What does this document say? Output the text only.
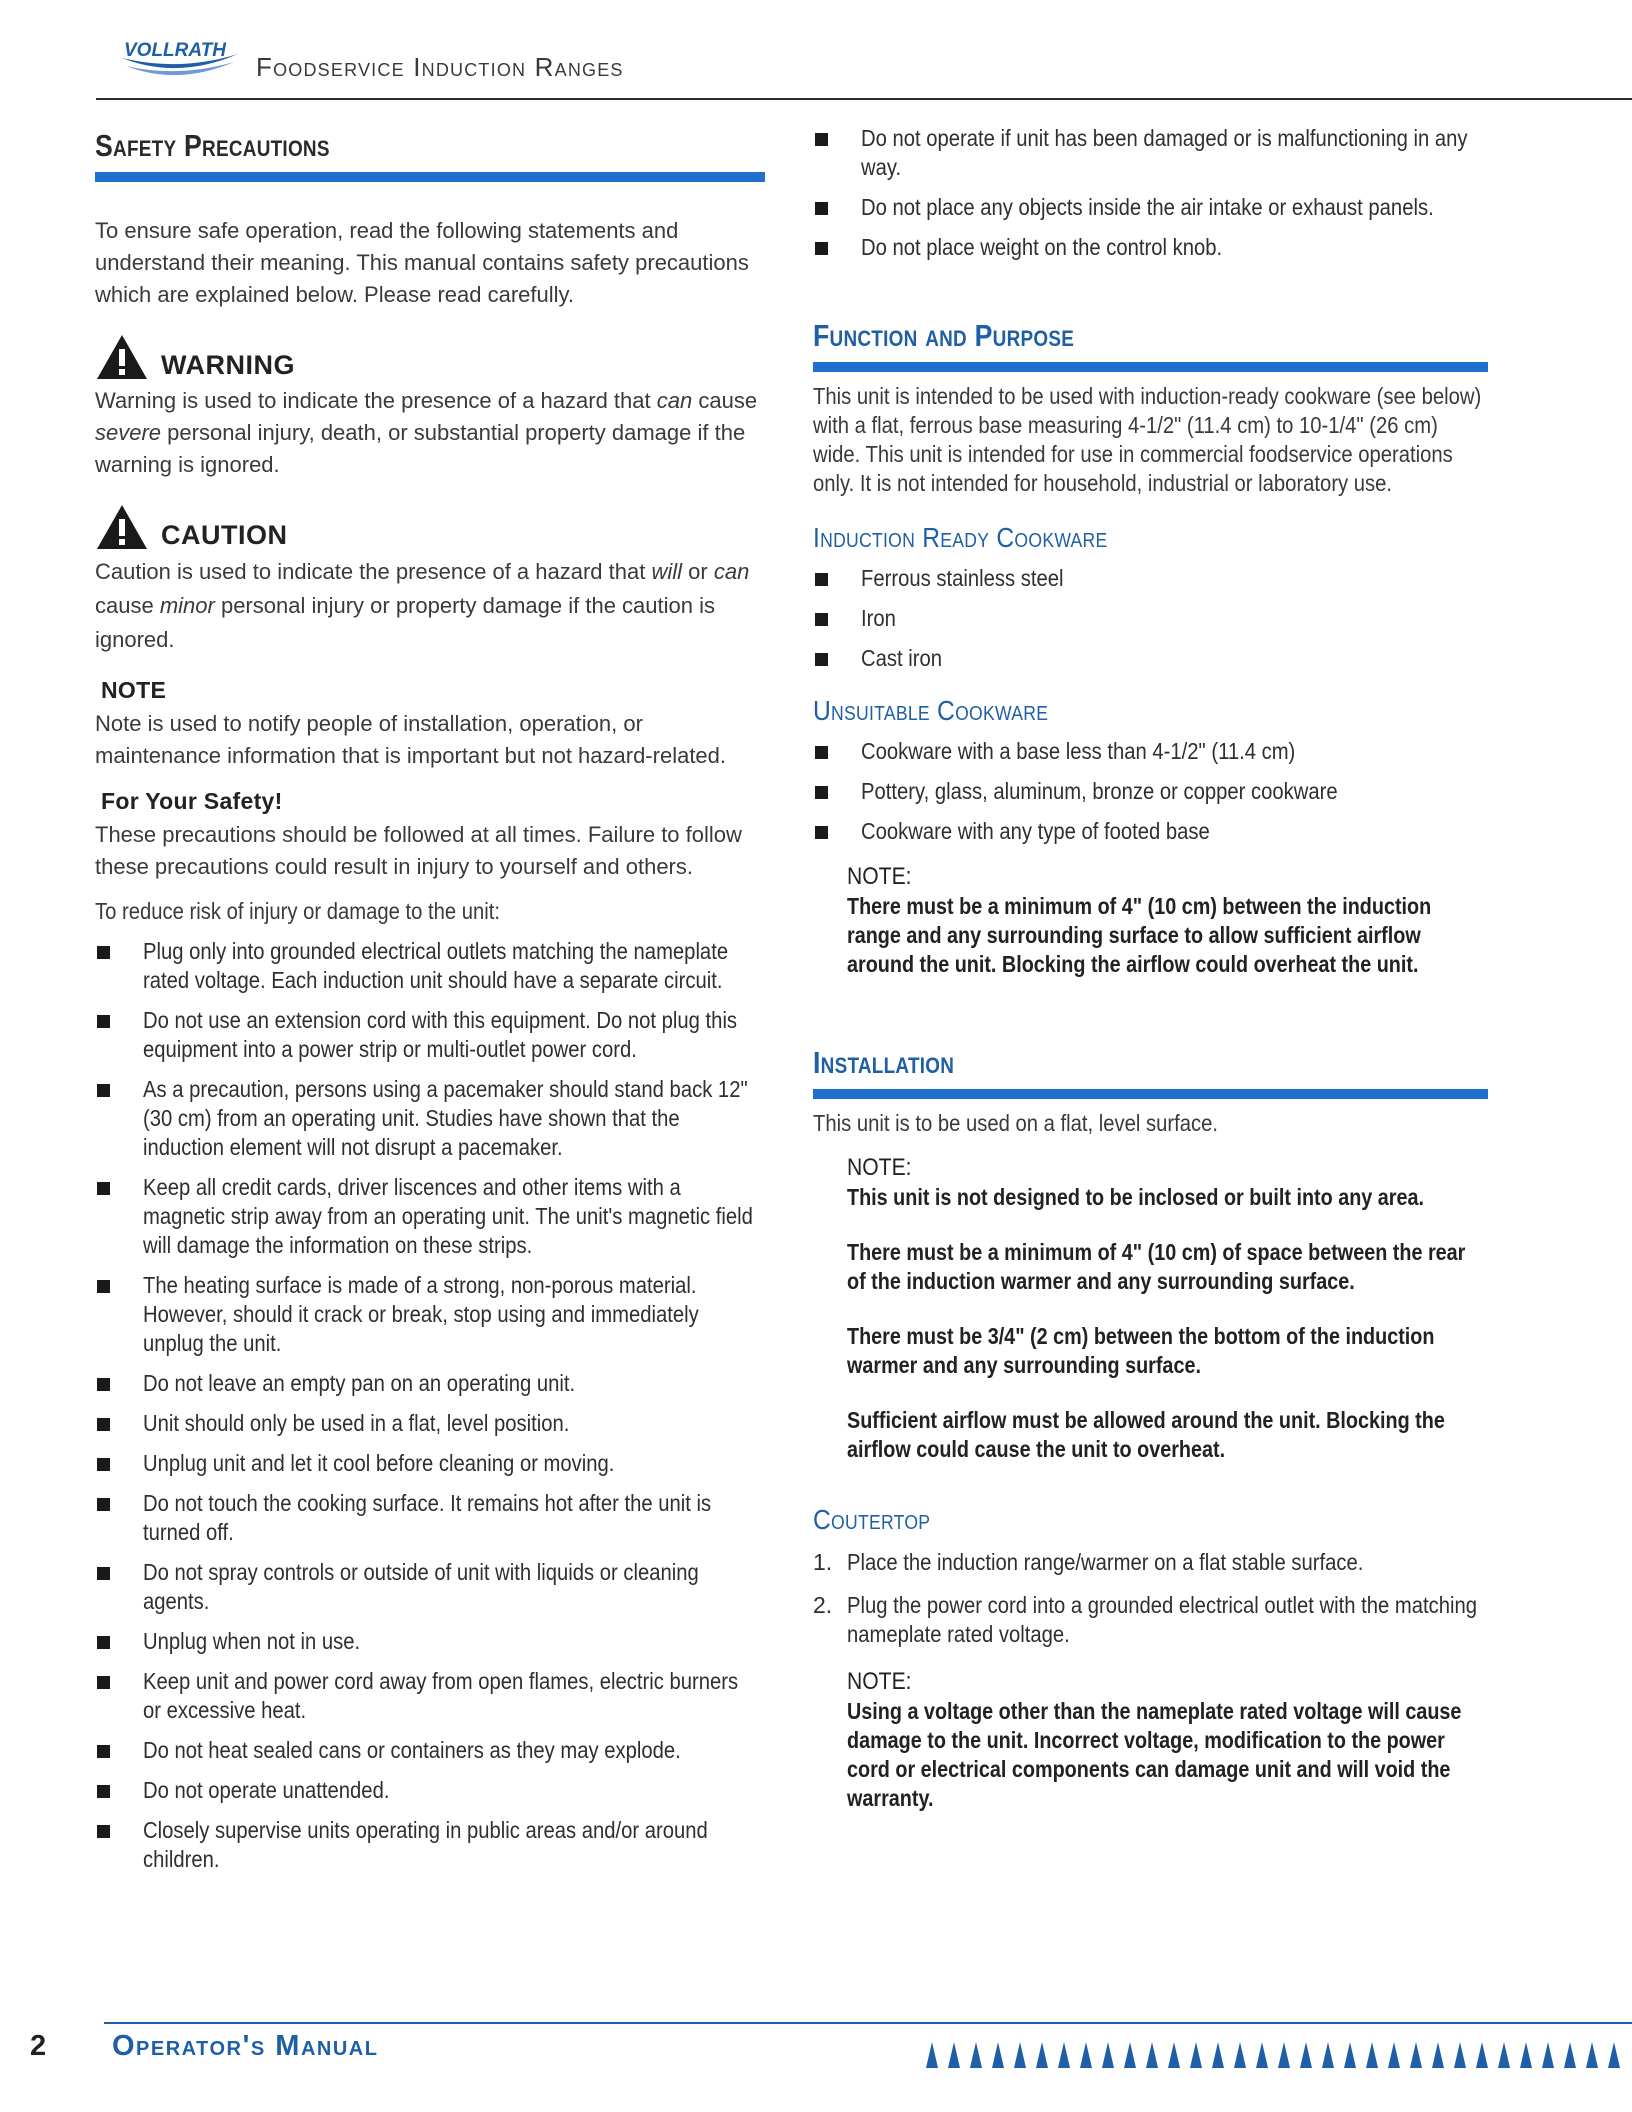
VOLLRATH
Foodservice Induction Ranges
Safety Precautions

To ensure safe operation, read the following statements and understand their meaning. This manual contains safety precautions which are explained below. Please read carefully.

WARNING

Warning is used to indicate the presence of a hazard that can cause severe personal injury, death, or substantial property damage if the warning is ignored.

CAUTION

Caution is used to indicate the presence of a hazard that will or can cause minor personal injury or property damage if the caution is ignored.

NOTE

Note is used to notify people of installation, operation, or maintenance information that is important but not hazard-related.

For Your Safety!

These precautions should be followed at all times. Failure to follow these precautions could result in injury to yourself and others.

To reduce risk of injury or damage to the unit:

Plug only into grounded electrical outlets matching the nameplate rated voltage. Each induction unit should have a separate circuit.
Do not use an extension cord with this equipment. Do not plug this equipment into a power strip or multi-outlet power cord.
As a precaution, persons using a pacemaker should stand back 12" (30 cm) from an operating unit. Studies have shown that the induction element will not disrupt a pacemaker.
Keep all credit cards, driver liscences and other items with a magnetic strip away from an operating unit. The unit's magnetic field will damage the information on these strips.
The heating surface is made of a strong, non-porous material. However, should it crack or break, stop using and immediately unplug the unit.
Do not leave an empty pan on an operating unit.
Unit should only be used in a flat, level position.
Unplug unit and let it cool before cleaning or moving.
Do not touch the cooking surface. It remains hot after the unit is turned off.
Do not spray controls or outside of unit with liquids or cleaning agents.
Unplug when not in use.
Keep unit and power cord away from open flames, electric burners or excessive heat.
Do not heat sealed cans or containers as they may explode.
Do not operate unattended.
Closely supervise units operating in public areas and/or around children.
Do not operate if unit has been damaged or is malfunctioning in any way.
Do not place any objects inside the air intake or exhaust panels.
Do not place weight on the control knob.
Function and Purpose

This unit is intended to be used with induction-ready cookware (see below) with a flat, ferrous base measuring 4-1/2" (11.4 cm) to 10-1/4" (26 cm) wide. This unit is intended for use in commercial foodservice operations only. It is not intended for household, industrial or laboratory use.

Induction Ready Cookware
Ferrous stainless steel
Iron
Cast iron
Unsuitable Cookware
Cookware with a base less than 4-1/2" (11.4 cm)
Pottery, glass, aluminum, bronze or copper cookware
Cookware with any type of footed base
NOTE:
There must be a minimum of 4" (10 cm) between the induction range and any surrounding surface to allow sufficient airflow around the unit. Blocking the airflow could overheat the unit.
Installation

This unit is to be used on a flat, level surface.

NOTE:
This unit is not designed to be inclosed or built into any area.
There must be a minimum of 4" (10 cm) of space between the rear of the induction warmer and any surrounding surface.
There must be 3/4" (2 cm) between the bottom of the induction warmer and any surrounding surface.
Sufficient airflow must be allowed around the unit. Blocking the airflow could cause the unit to overheat.
Coutertop
1. Place the induction range/warmer on a flat stable surface.
2. Plug the power cord into a grounded electrical outlet with the matching nameplate rated voltage.
NOTE:
Using a voltage other than the nameplate rated voltage will cause damage to the unit. Incorrect voltage, modification to the power cord or electrical components can damage unit and will void the warranty.
2 Operator's Manual
